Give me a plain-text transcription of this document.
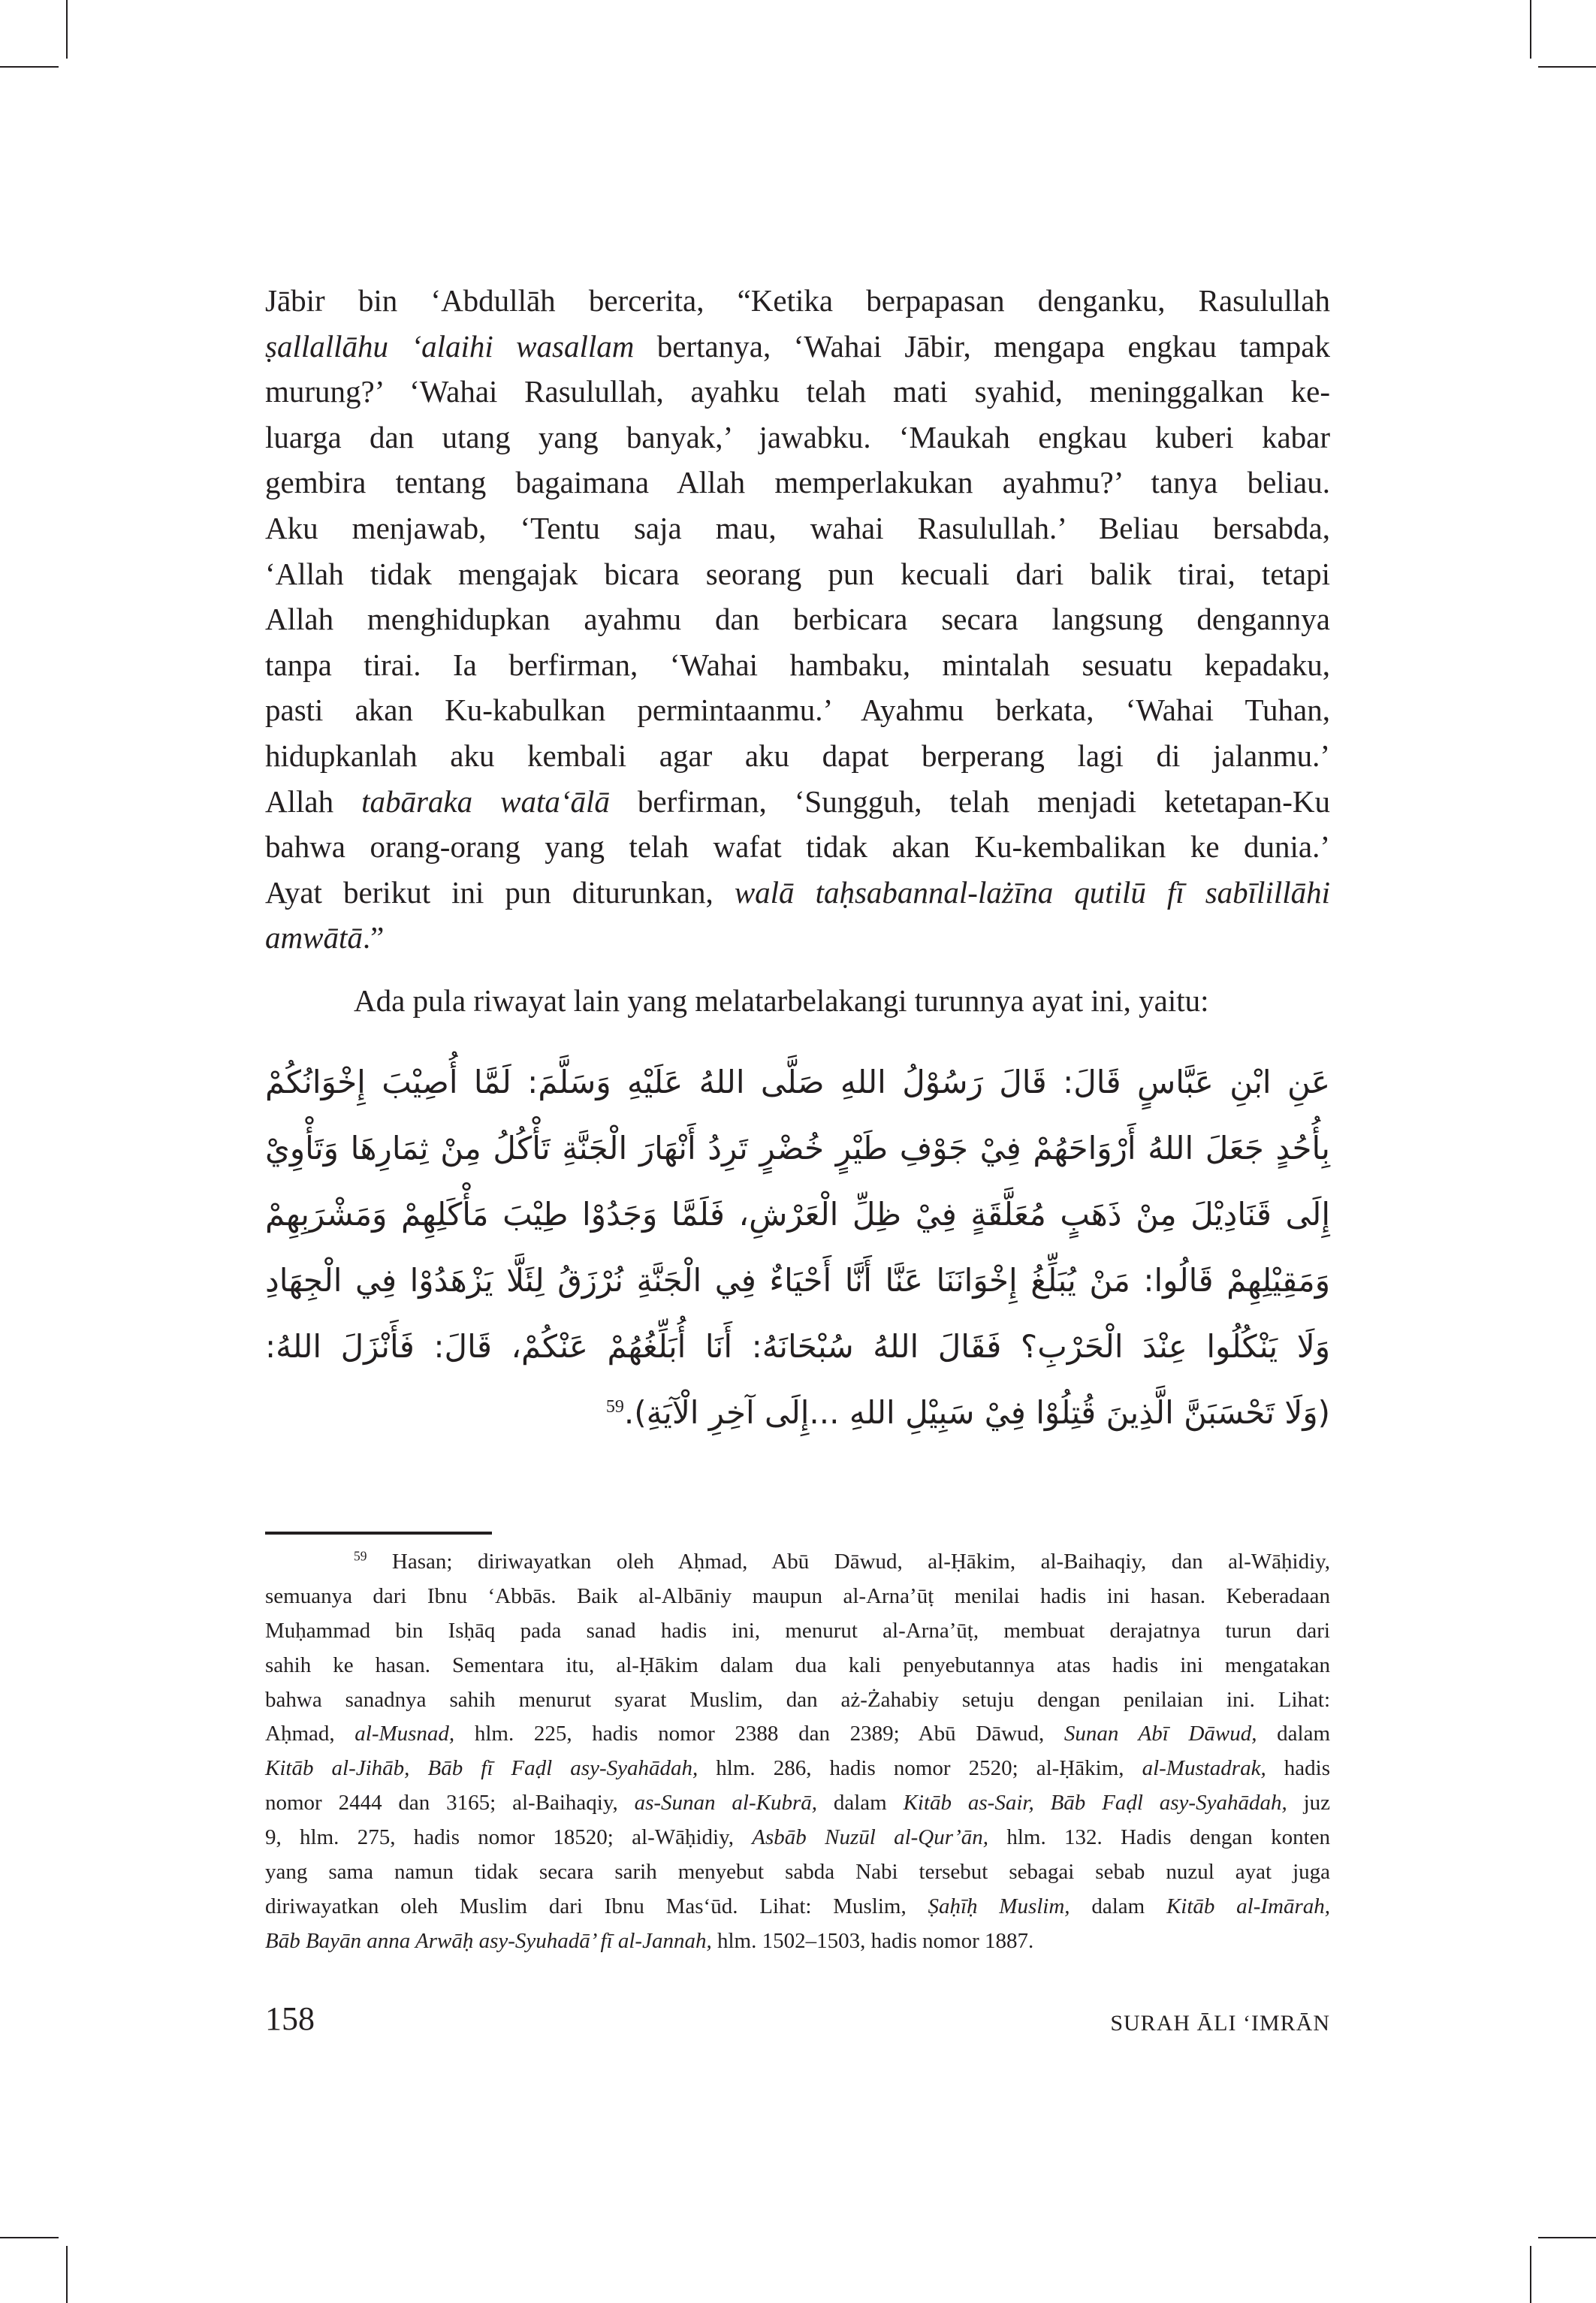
Jābir bin ‘Abdullāh bercerita, “Ketika berpapasan denganku, Rasulullah
ṣallallāhu ‘alaihi wasallam bertanya, ‘Wahai Jābir, mengapa engkau tampak
murung?’ ‘Wahai Rasulullah, ayahku telah mati syahid, meninggalkan ke-
luarga dan utang yang banyak,’ jawabku. ‘Maukah engkau kuberi kabar
gembira tentang bagaimana Allah memperlakukan ayahmu?’ tanya beliau.
Aku menjawab, ‘Tentu saja mau, wahai Rasulullah.’ Beliau bersabda,
‘Allah tidak mengajak bicara seorang pun kecuali dari balik tirai, tetapi
Allah menghidupkan ayahmu dan berbicara secara langsung dengannya
tanpa tirai. Ia berfirman, ‘Wahai hambaku, mintalah sesuatu kepadaku,
pasti akan Ku-kabulkan permintaanmu.’ Ayahmu berkata, ‘Wahai Tuhan,
hidupkanlah aku kembali agar aku dapat berperang lagi di jalanmu.’
Allah tabāraka wata‘ālā berfirman, ‘Sungguh, telah menjadi ketetapan-Ku
bahwa orang-orang yang telah wafat tidak akan Ku-kembalikan ke dunia.’
Ayat berikut ini pun diturunkan, walā taḥsabannal-lażīna qutilū fī sabīlillāhi
amwātā.”
Ada pula riwayat lain yang melatarbelakangi turunnya ayat ini, yaitu:
عَنِ ابْنِ عَبَّاسٍ قَالَ: قَالَ رَسُوْلُ اللهِ صَلَّى اللهُ عَلَيْهِ وَسَلَّمَ: لَمَّا أُصِيْبَ إِخْوَانُكُمْ
بِأُحُدٍ جَعَلَ اللهُ أَرْوَاحَهُمْ فِيْ جَوْفِ طَيْرٍ خُضْرٍ تَرِدُ أَنْهَارَ الْجَنَّةِ تَأْكُلُ مِنْ ثِمَارِهَا وَتَأْوِيْ
إِلَى قَنَادِيْلَ مِنْ ذَهَبٍ مُعَلَّقَةٍ فِيْ ظِلِّ الْعَرْشِ، فَلَمَّا وَجَدُوْا طِيْبَ مَأْكَلِهِمْ وَمَشْرَبِهِمْ
وَمَقِيْلِهِمْ قَالُوا: مَنْ يُبَلِّغُ إِخْوَانَنَا عَنَّا أَنَّا أَحْيَاءٌ فِي الْجَنَّةِ نُرْزَقُ لِئَلَّا يَزْهَدُوْا فِي الْجِهَادِ
وَلَا يَنْكُلُوا عِنْدَ الْحَرْبِ؟ فَقَالَ اللهُ سُبْحَانَهُ: أَنَا أُبَلِّغُهُمْ عَنْكُمْ، قَالَ: فَأَنْزَلَ اللهُ:
(وَلَا تَحْسَبَنَّ الَّذِينَ قُتِلُوْا فِيْ سَبِيْلِ اللهِ ...إِلَى آخِرِ الْآيَةِ).$^{59}$
$^{59}$ Hasan; diriwayatkan oleh Aḥmad, Abū Dāwud, al-Ḥākim, al-Baihaqiy, dan al-Wāḥidiy,
semuanya dari Ibnu ‘Abbās. Baik al-Albāniy maupun al-Arna’ūṭ menilai hadis ini hasan. Keberadaan
Muḥammad bin Isḥāq pada sanad hadis ini, menurut al-Arna’ūṭ, membuat derajatnya turun dari
sahih ke hasan. Sementara itu, al-Ḥākim dalam dua kali penyebutannya atas hadis ini mengatakan
bahwa sanadnya sahih menurut syarat Muslim, dan aż-Żahabiy setuju dengan penilaian ini. Lihat:
Aḥmad, al-Musnad, hlm. 225, hadis nomor 2388 dan 2389; Abū Dāwud, Sunan Abī Dāwud, dalam
Kitāb al-Jihāb, Bāb fī Faḍl asy-Syahādah, hlm. 286, hadis nomor 2520; al-Ḥākim, al-Mustadrak, hadis
nomor 2444 dan 3165; al-Baihaqiy, as-Sunan al-Kubrā, dalam Kitāb as-Sair, Bāb Faḍl asy-Syahādah, juz
9, hlm. 275, hadis nomor 18520; al-Wāḥidiy, Asbāb Nuzūl al-Qur’ān, hlm. 132. Hadis dengan konten
yang sama namun tidak secara sarih menyebut sabda Nabi tersebut sebagai sebab nuzul ayat juga
diriwayatkan oleh Muslim dari Ibnu Mas‘ūd. Lihat: Muslim, Ṣaḥīḥ Muslim, dalam Kitāb al-Imārah,
Bāb Bayān anna Arwāḥ asy-Syuhadā’ fī al-Jannah, hlm. 1502–1503, hadis nomor 1887.
158	SURAH ĀLI ‘IMRĀN
